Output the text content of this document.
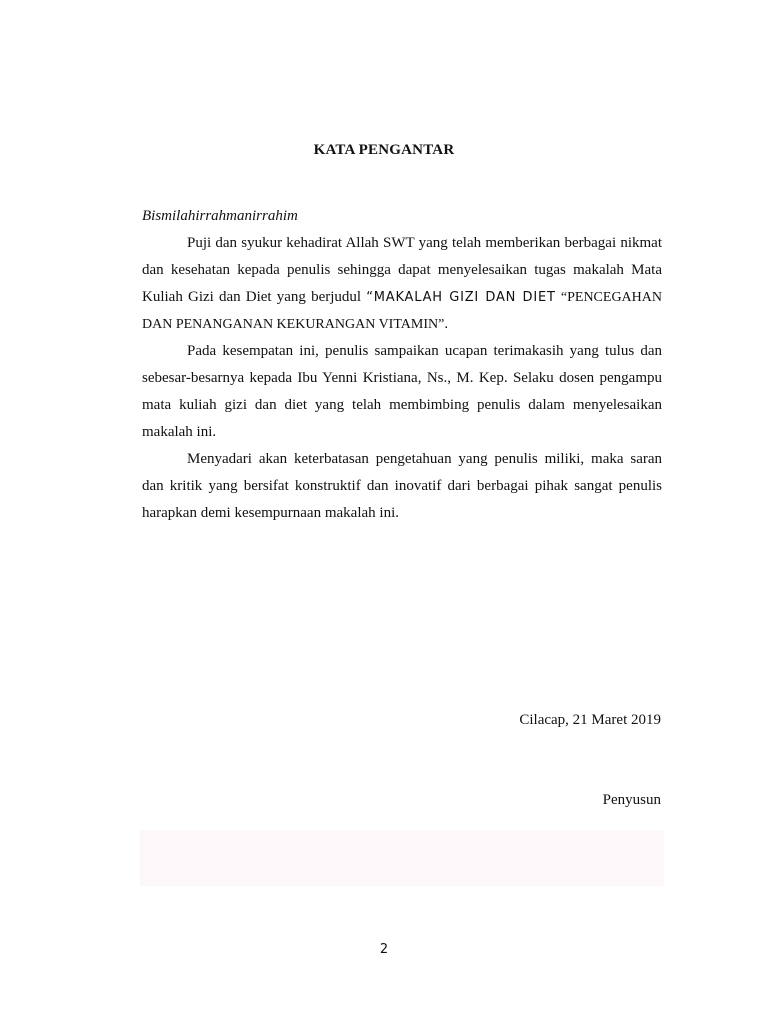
KATA PENGANTAR

Bismilahirrahmanirrahim

Puji dan syukur kehadirat Allah SWT yang telah memberikan berbagai nikmat dan kesehatan kepada penulis sehingga dapat menyelesaikan tugas makalah Mata Kuliah Gizi dan Diet yang berjudul “MAKALAH GIZI DAN DIET “PENCEGAHAN DAN PENANGANAN KEKURANGAN VITAMIN”.

Pada kesempatan ini, penulis sampaikan ucapan terimakasih yang tulus dan sebesar-besarnya kepada Ibu Yenni Kristiana, Ns., M. Kep. Selaku dosen pengampu mata kuliah gizi dan diet yang telah membimbing penulis dalam menyelesaikan makalah ini.

Menyadari akan keterbatasan pengetahuan yang penulis miliki, maka saran dan kritik yang bersifat konstruktif dan inovatif dari berbagai pihak sangat penulis harapkan demi kesempurnaan makalah ini.

Cilacap, 21 Maret 2019
Penyusun
2
